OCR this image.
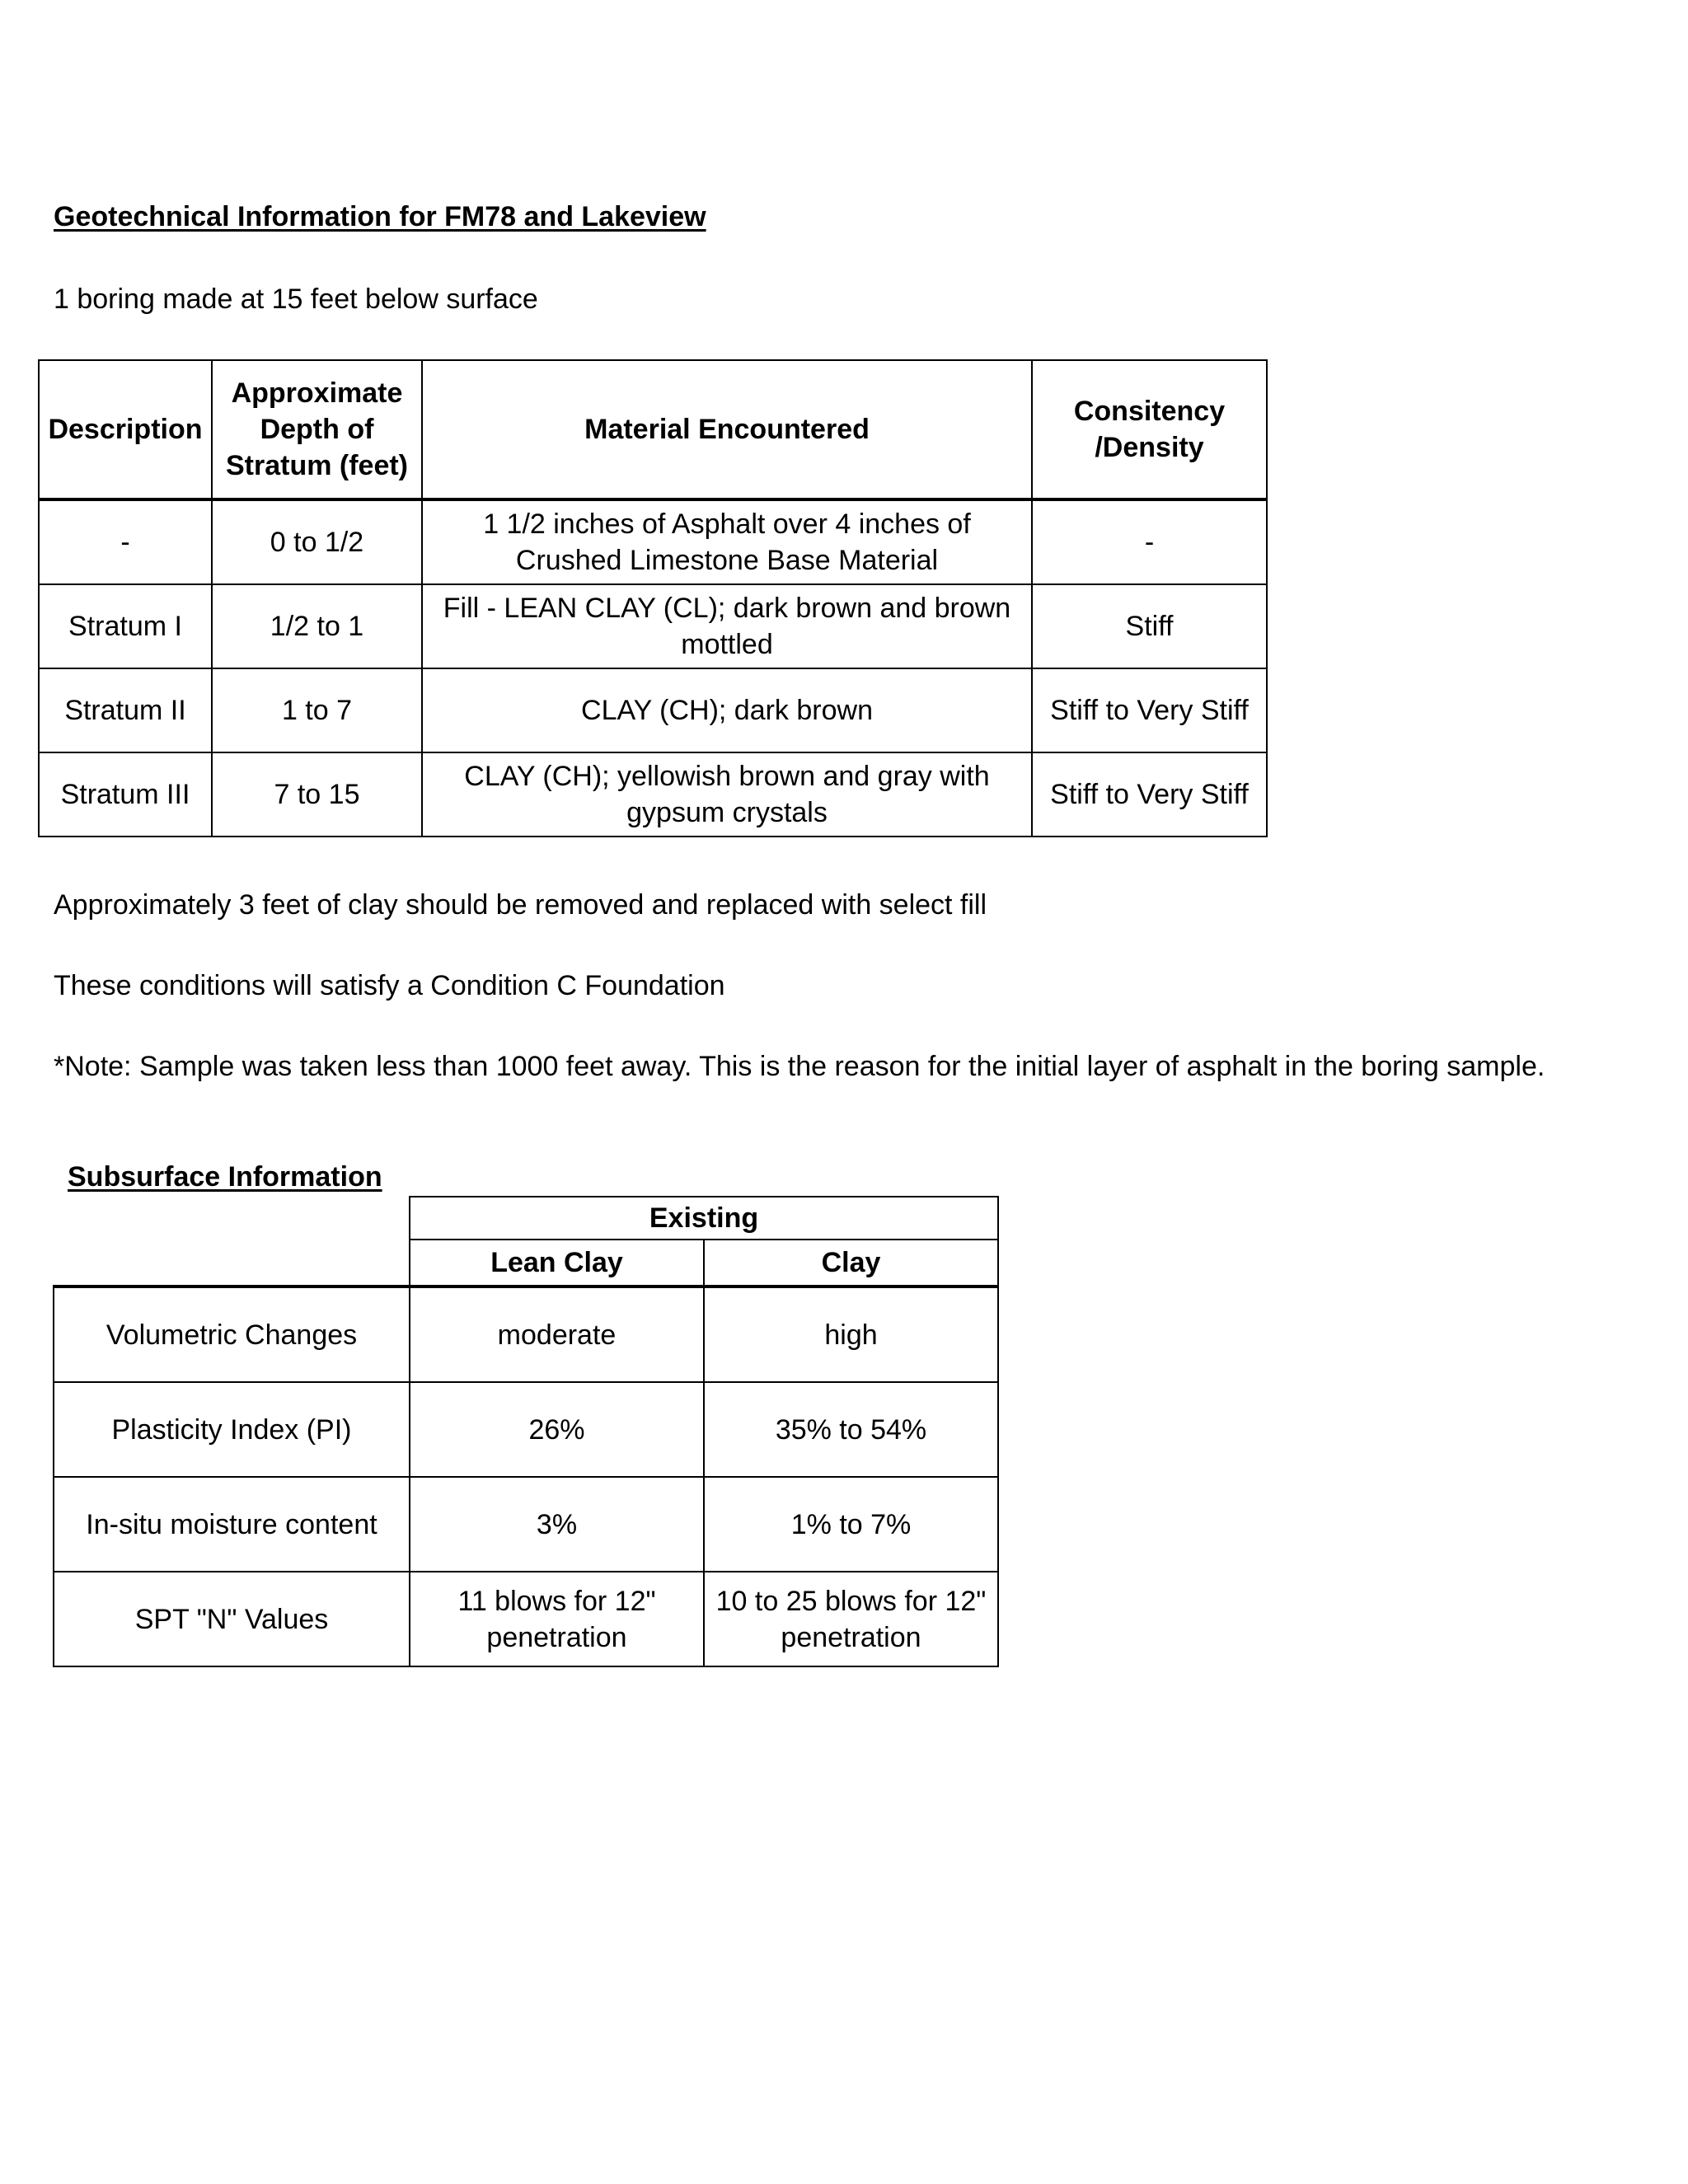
Geotechnical Information for FM78 and Lakeview
1 boring made at 15 feet below surface
Description	Approximate Depth of Stratum (feet)	Material Encountered	Consitency /Density
-	0 to 1/2	1 1/2 inches of Asphalt over 4 inches of Crushed Limestone Base Material	-
Stratum I	1/2 to 1	Fill - LEAN CLAY (CL); dark brown and brown mottled	Stiff
Stratum II	1 to 7	CLAY (CH); dark brown	Stiff to Very Stiff
Stratum III	7 to 15	CLAY (CH); yellowish brown and gray with gypsum crystals	Stiff to Very Stiff
Approximately 3 feet of clay should be removed and replaced with select fill
These conditions will satisfy a Condition C Foundation
*Note: Sample was taken less than 1000 feet away. This is the reason for the initial layer of asphalt in the boring sample.
Subsurface Information
	Existing	
	Lean Clay	Clay
Volumetric Changes	moderate	high
Plasticity Index (PI)	26%	35% to 54%
In-situ moisture content	3%	1% to 7%
SPT "N" Values	11 blows for 12" penetration	10 to 25 blows for 12" penetration
